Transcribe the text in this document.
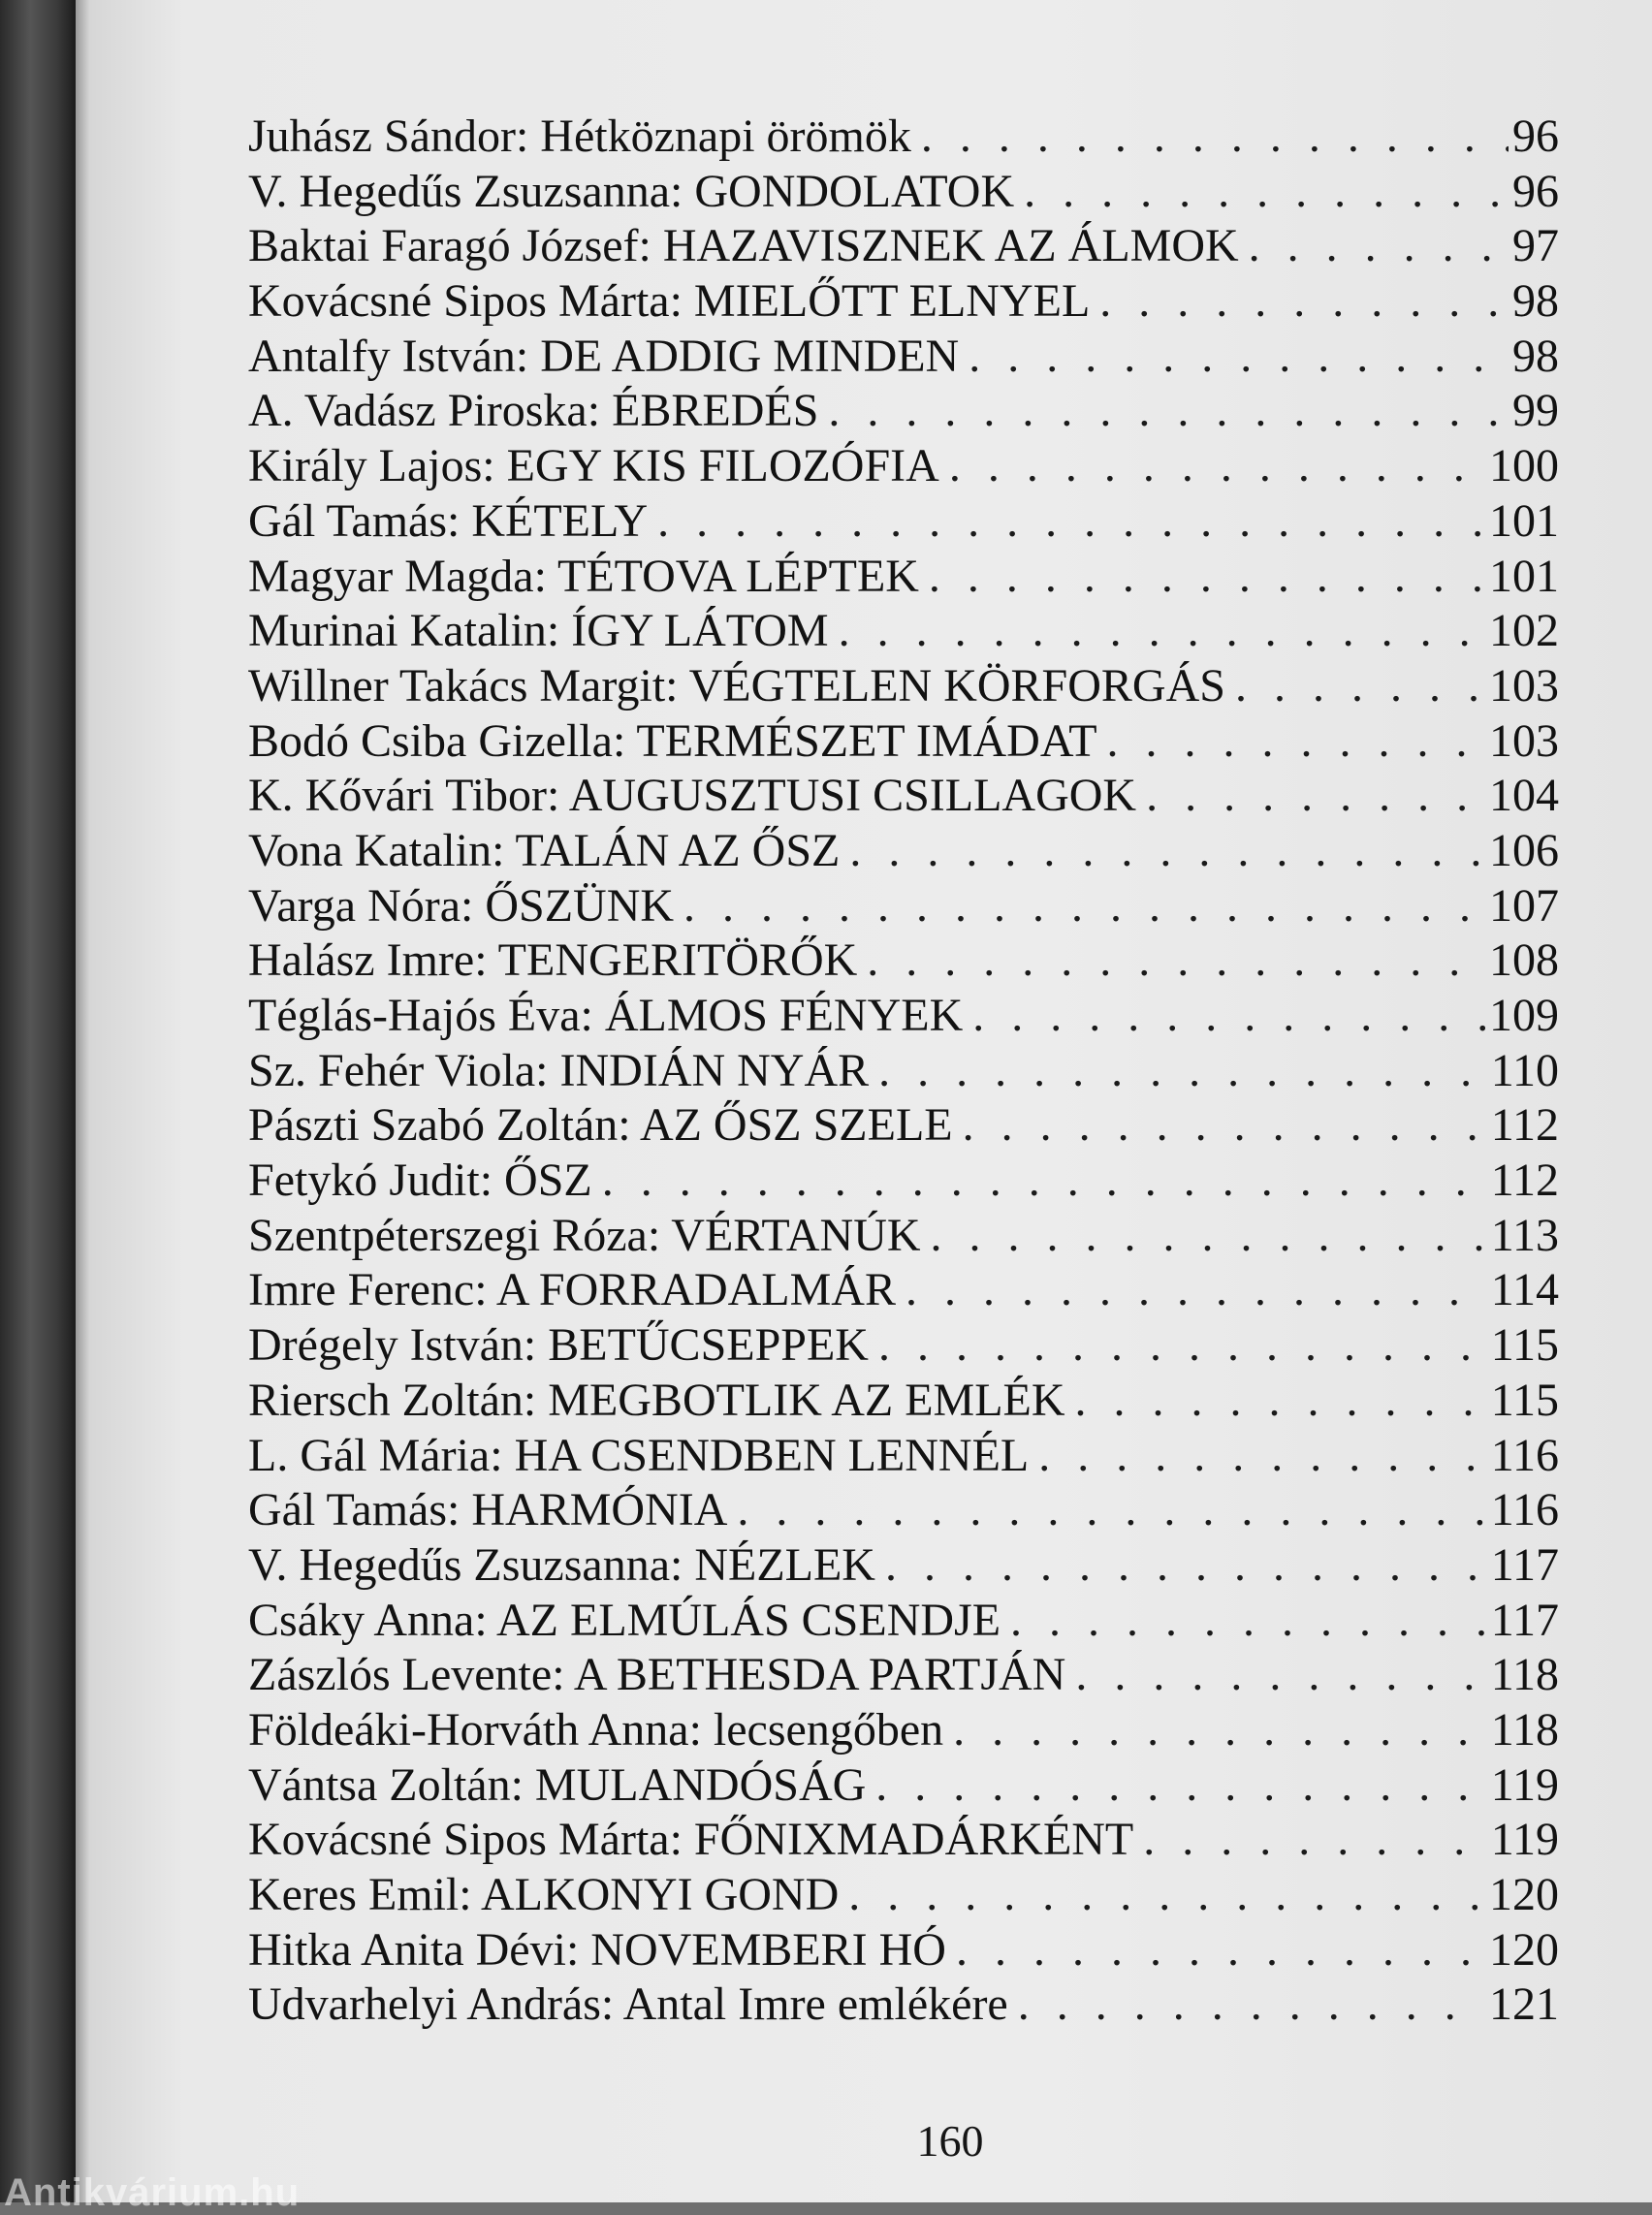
Juhász Sándor: Hétköznapi örömök . . .	96
V. Hegedűs Zsuzsanna: GONDOLATOK . . .	96
Baktai Faragó József: HAZAVISZNEK AZ ÁLMOK . . .	97
Kovácsné Sipos Márta: MIELŐTT ELNYEL . . .	98
Antalfy István: DE ADDIG MINDEN . . .	98
A. Vadász Piroska: ÉBREDÉS . . .	99
Király Lajos: EGY KIS FILOZÓFIA . . .	100
Gál Tamás: KÉTELY . . .	101
Magyar Magda: TÉTOVA LÉPTEK . . .	101
Murinai Katalin: ÍGY LÁTOM . . .	102
Willner Takács Margit: VÉGTELEN KÖRFORGÁS . . .	103
Bodó Csiba Gizella: TERMÉSZET IMÁDAT . . .	103
K. Kővári Tibor: AUGUSZTUSI CSILLAGOK . . .	104
Vona Katalin: TALÁN AZ ŐSZ . . .	106
Varga Nóra: ŐSZÜNK . . .	107
Halász Imre: TENGERITÖRŐK . . .	108
Téglás-Hajós Éva: ÁLMOS FÉNYEK . . .	109
Sz. Fehér Viola: INDIÁN NYÁR . . .	110
Pászti Szabó Zoltán: AZ ŐSZ SZELE . . .	112
Fetykó Judit: ŐSZ . . .	112
Szentpéterszegi Róza: VÉRTANÚK . . .	113
Imre Ferenc: A FORRADALMÁR . . .	114
Drégely István: BETŰCSEPPEK . . .	115
Riersch Zoltán: MEGBOTLIK AZ EMLÉK . . .	115
L. Gál Mária: HA CSENDBEN LENNÉL . . .	116
Gál Tamás: HARMÓNIA . . .	116
V. Hegedűs Zsuzsanna: NÉZLEK . . .	117
Csáky Anna: AZ ELMÚLÁS CSENDJE . . .	117
Zászlós Levente: A BETHESDA PARTJÁN . . .	118
Földeáki-Horváth Anna: lecsengőben . . .	118
Vántsa Zoltán: MULANDÓSÁG . . .	119
Kovácsné Sipos Márta: FŐNIXMADÁRKÉNT . . .	119
Keres Emil: ALKONYI GOND . . .	120
Hitka Anita Dévi: NOVEMBERI HÓ . . .	120
Udvarhelyi András: Antal Imre emlékére . . .	121
160
Antikvárium.hu
